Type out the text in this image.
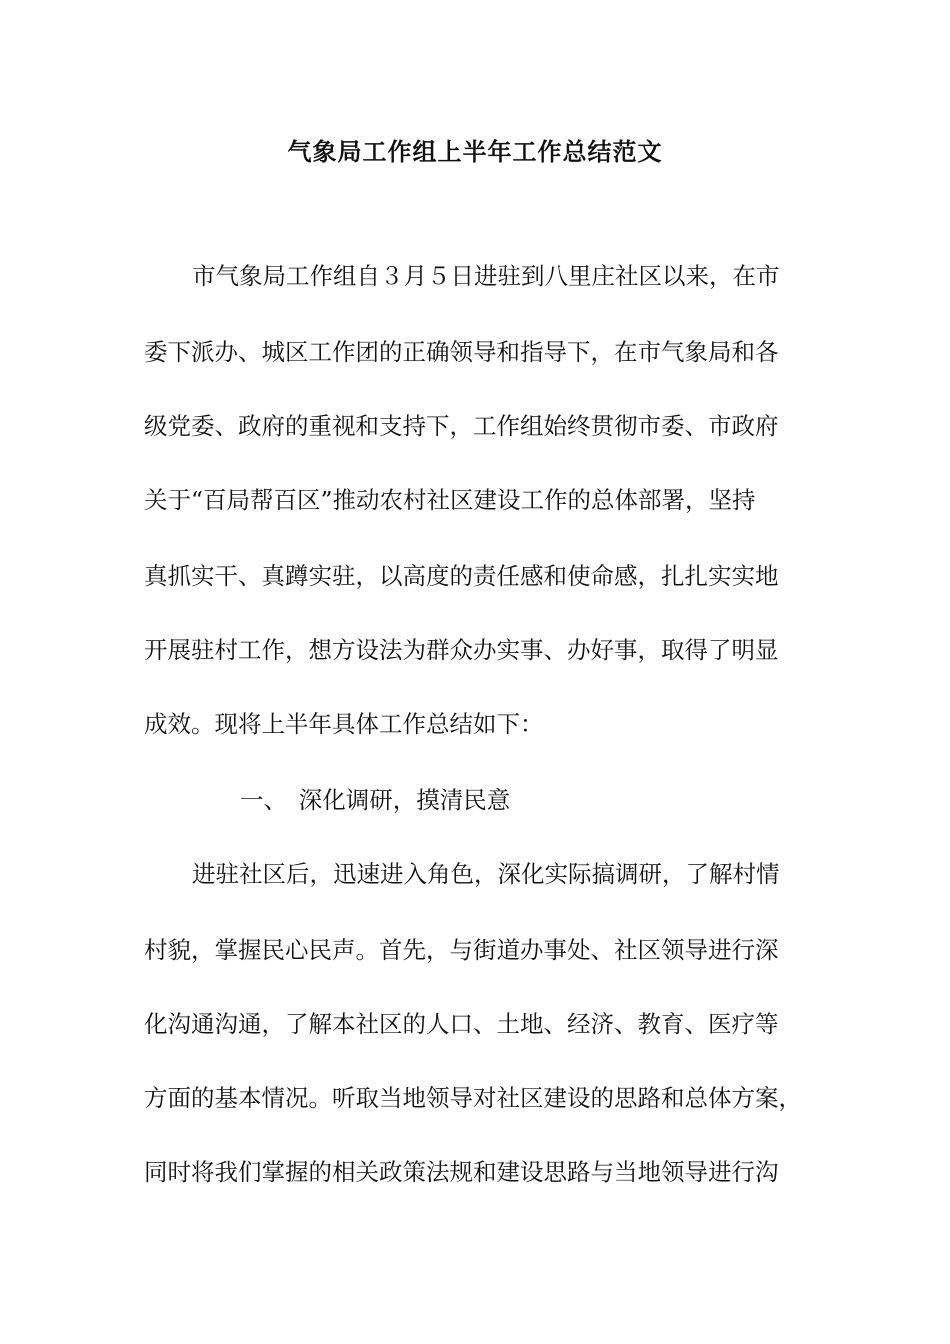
气象局工作组上半年工作总结范文
市气象局工作组自３月５日进驻到八里庄社区以来，在市
委下派办、城区工作团的正确领导和指导下，在市气象局和各
级党委、政府的重视和支持下，工作组始终贯彻市委、市政府
关于“百局帮百区”推动农村社区建设工作的总体部署，坚持
真抓实干、真蹲实驻，以高度的责任感和使命感，扎扎实实地
开展驻村工作，想方设法为群众办实事、办好事，取得了明显
成效。现将上半年具体工作总结如下：
一、　深化调研，摸清民意
进驻社区后，迅速进入角色，深化实际搞调研，了解村情
村貌，掌握民心民声。首先，与街道办事处、社区领导进行深
化沟通沟通，了解本社区的人口、土地、经济、教育、医疗等
方面的基本情况。听取当地领导对社区建设的思路和总体方案，
同时将我们掌握的相关政策法规和建设思路与当地领导进行沟
